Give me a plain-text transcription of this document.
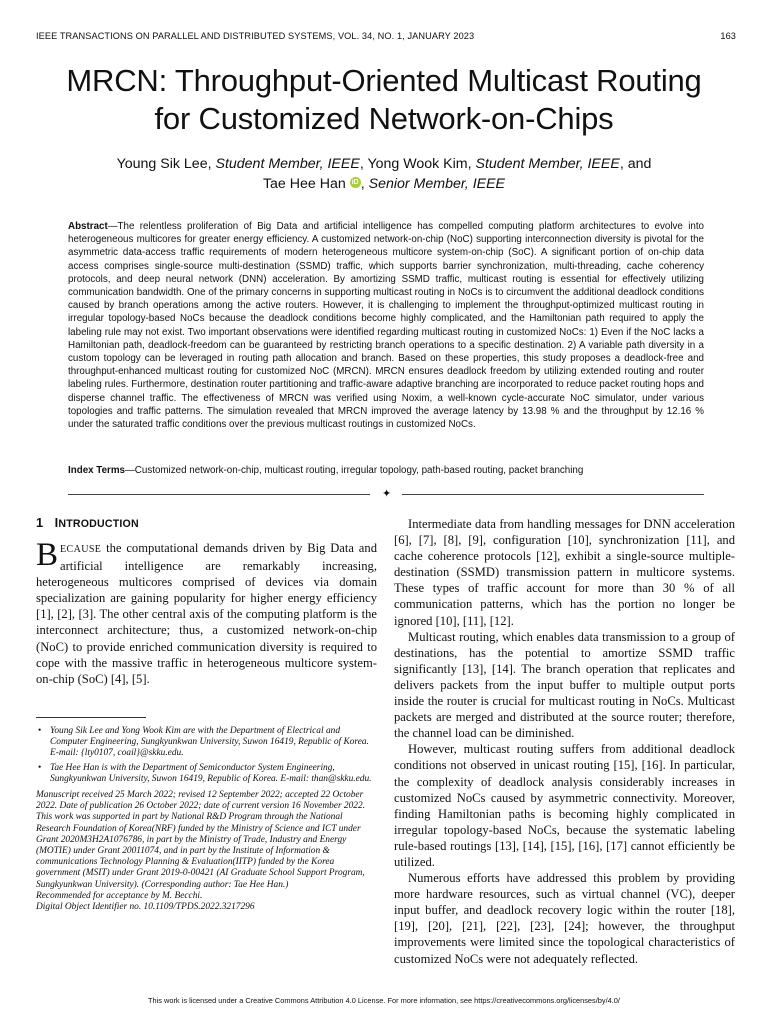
IEEE TRANSACTIONS ON PARALLEL AND DISTRIBUTED SYSTEMS, VOL. 34, NO. 1, JANUARY 2023	163
MRCN: Throughput-Oriented Multicast Routing
for Customized Network-on-Chips
Young Sik Lee, Student Member, IEEE, Yong Wook Kim, Student Member, IEEE, and
Tae Hee Han iD , Senior Member, IEEE
Abstract—The relentless proliferation of Big Data and artificial intelligence has compelled computing platform architectures to evolve into heterogeneous multicores for greater energy efficiency. A customized network-on-chip (NoC) supporting interconnection diversity is pivotal for the asymmetric data-access traffic requirements of modern heterogeneous multicore system-on-chip (SoC). A significant portion of on-chip data access comprises single-source multi-destination (SSMD) traffic, which supports barrier synchronization, multi-threading, cache coherency protocols, and deep neural network (DNN) acceleration. By amortizing SSMD traffic, multicast routing is essential for effectively utilizing communication bandwidth. One of the primary concerns in supporting multicast routing in NoCs is to circumvent the additional deadlock conditions caused by branch operations among the active routers. However, it is challenging to implement the throughput-optimized multicast routing in irregular topology-based NoCs because the deadlock conditions become highly complicated, and the Hamiltonian path required to apply the labeling rule may not exist. Two important observations were identified regarding multicast routing in customized NoCs: 1) Even if the NoC lacks a Hamiltonian path, deadlock-freedom can be guaranteed by restricting branch operations to a specific destination. 2) A variable path diversity in a custom topology can be leveraged in routing path allocation and branch. Based on these properties, this study proposes a deadlock-free and throughput-enhanced multicast routing for customized NoC (MRCN). MRCN ensures deadlock freedom by utilizing extended routing and router labeling rules. Furthermore, destination router partitioning and traffic-aware adaptive branching are incorporated to reduce packet routing hops and disperse channel traffic. The effectiveness of MRCN was verified using Noxim, a well-known cycle-accurate NoC simulator, under various topologies and traffic patterns. The simulation revealed that MRCN improved the average latency by 13.98 % and the throughput by 12.16 % under the saturated traffic conditions over the previous multicast routings in customized NoCs.
Index Terms—Customized network-on-chip, multicast routing, irregular topology, path-based routing, packet branching
✦
1 INTRODUCTION

BECAUSE the computational demands driven by Big Data and artificial intelligence are remarkably increasing, heterogeneous multicores comprised of devices via domain specialization are gaining popularity for higher energy efficiency [1], [2], [3]. The other central axis of the computing platform is the interconnect architecture; thus, a customized network-on-chip (NoC) to provide enriched communication diversity is required to cope with the massive traffic in heterogeneous multicore system-on-chip (SoC) [4], [5].

• Young Sik Lee and Yong Wook Kim are with the Department of Electrical and Computer Engineering, Sungkyunkwan University, Suwon 16419, Republic of Korea. E-mail: {lty0107, coail}@skku.edu.
• Tae Hee Han is with the Department of Semiconductor System Engineering, Sungkyunkwan University, Suwon 16419, Republic of Korea. E-mail: than@skku.edu.

Manuscript received 25 March 2022; revised 12 September 2022; accepted 22 October 2022. Date of publication 26 October 2022; date of current version 16 November 2022.

This work was supported in part by National R&D Program through the National Research Foundation of Korea(NRF) funded by the Ministry of Science and ICT under Grant 2020M3H2A1076786, in part by the Ministry of Trade, Industry and Energy (MOTIE) under Grant 20011074, and in part by the Institute of Information & communications Technology Planning & Evaluation(IITP) funded by the Korea government (MSIT) under Grant 2019-0-00421 (AI Graduate School Support Program, Sungkyunkwan University). (Corresponding author: Tae Hee Han.)

Recommended for acceptance by M. Becchi.

Digital Object Identifier no. 10.1109/TPDS.2022.3217296

Intermediate data from handling messages for DNN acceleration [6], [7], [8], [9], configuration [10], synchronization [11], and cache coherence protocols [12], exhibit a single-source multiple-destination (SSMD) transmission pattern in multicore systems. These types of traffic account for more than 30 % of all communication patterns, which has the portion no longer be ignored [10], [11], [12].

Multicast routing, which enables data transmission to a group of destinations, has the potential to amortize SSMD traffic significantly [13], [14]. The branch operation that replicates and delivers packets from the input buffer to multiple output ports inside the router is crucial for multicast routing in NoCs. Multicast packets are merged and distributed at the source router; therefore, the channel load can be diminished.

However, multicast routing suffers from additional deadlock conditions not observed in unicast routing [15], [16]. In particular, the complexity of deadlock analysis considerably increases in customized NoCs caused by asymmetric connectivity. Moreover, finding Hamiltonian paths is becoming highly complicated in irregular topology-based NoCs, because the systematic labeling rule-based routings [13], [14], [15], [16], [17] cannot efficiently be utilized.

Numerous efforts have addressed this problem by providing more hardware resources, such as virtual channel (VC), deeper input buffer, and deadlock recovery logic within the router [18], [19], [20], [21], [22], [23], [24]; however, the throughput improvements were limited since the topological characteristics of customized NoCs were not adequately reflected.

This work is licensed under a Creative Commons Attribution 4.0 License. For more information, see https://creativecommons.org/licenses/by/4.0/
